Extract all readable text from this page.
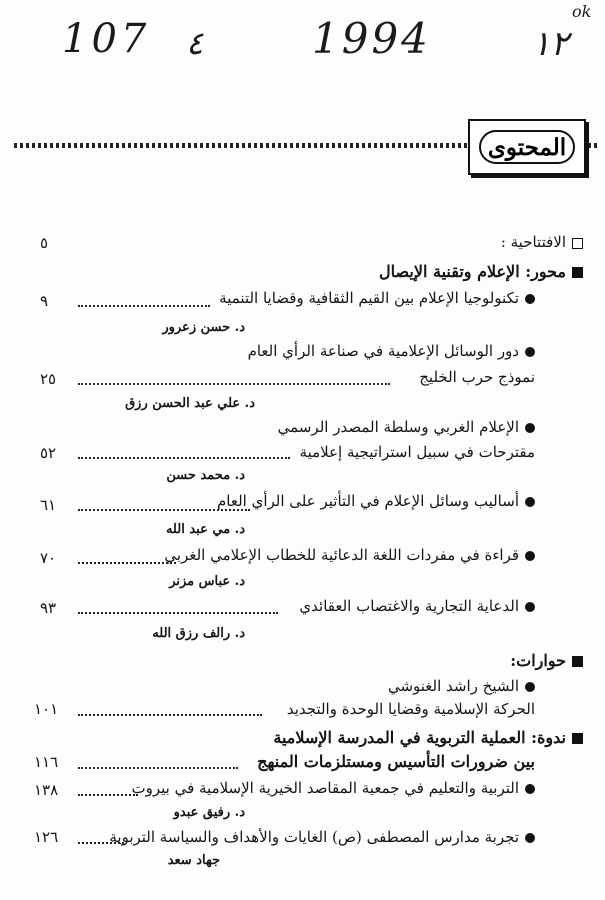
107 ٤	1994	١٢
ok
المحتوى
الافتتاحية :
٥
محور: الإعلام وتقنية الإيصال
تكنولوجيا الإعلام بين القيم الثقافية وقضايا التنمية
٩
د. حسن زعرور
دور الوسائل الإعلامية في صناعة الرأي العام
نموذج حرب الخليج
٢٥
د. علي عبد الحسن رزق
الإعلام الغربي وسلطة المصدر الرسمي
مقترحات في سبيل استراتيجية إعلامية
٥٢
د. محمد حسن
أساليب وسائل الإعلام في التأثير على الرأي العام
٦١
د. مي عبد الله
قراءة في مفردات اللغة الدعائية للخطاب الإعلامي الغربي
٧٠
د. عباس مزنر
الدعاية التجارية والاغتصاب العقائدي
٩٣
د. رالف رزق الله
حوارات:
الشيخ راشد الغنوشي
الحركة الإسلامية وقضايا الوحدة والتجديد
١٠١
ندوة: العملية التربوية في المدرسة الإسلامية
بين ضرورات التأسيس ومستلزمات المنهج
١١٦
التربية والتعليم في جمعية المقاصد الخيرية الإسلامية في بيروت
١٣٨
د. رفيق عبدو
تجربة مدارس المصطفى (ص) الغايات والأهداف والسياسة التربوية
١٢٦
جهاد سعد
